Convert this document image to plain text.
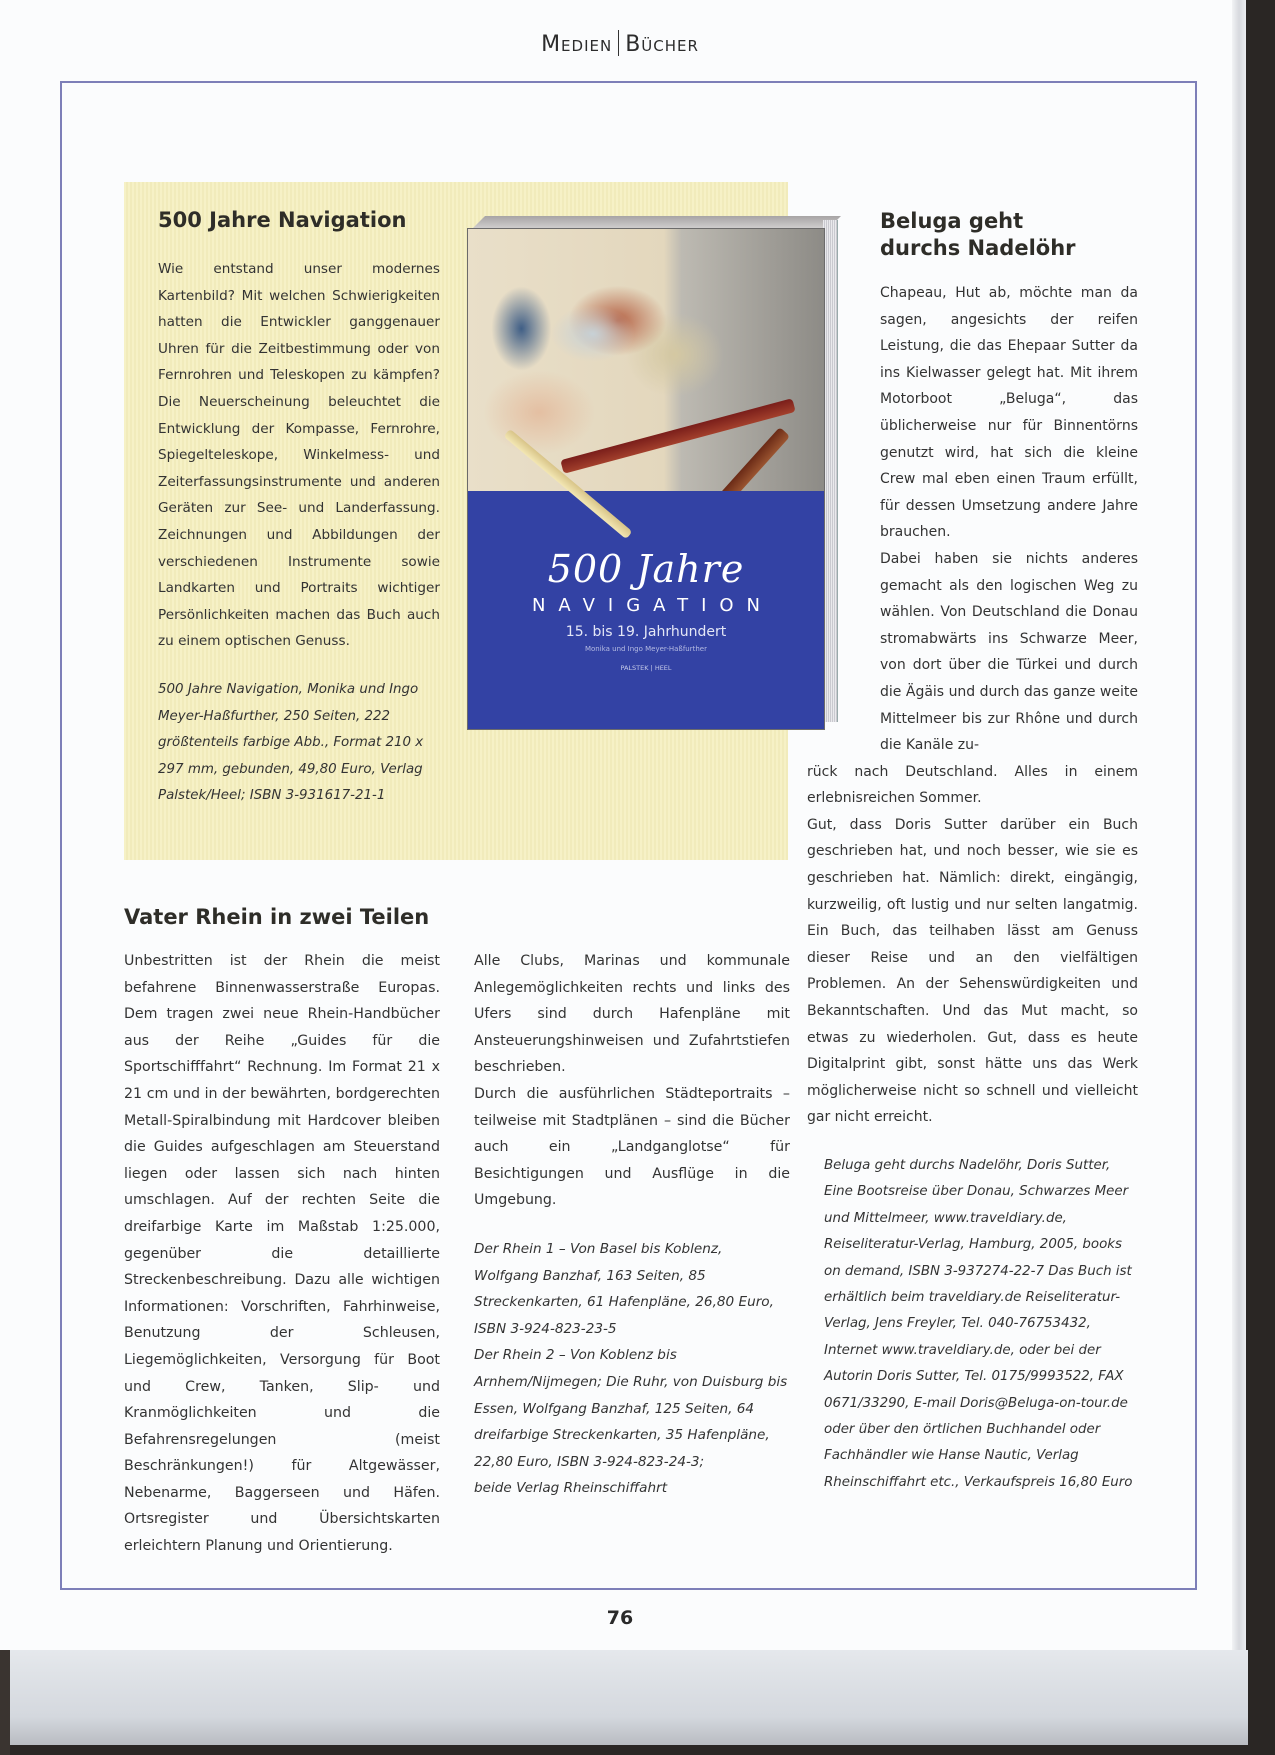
Medien Bücher
500 Jahre Navigation

Wie entstand unser modernes Kartenbild? Mit welchen Schwierigkeiten hatten die Entwickler ganggenauer Uhren für die Zeitbestimmung oder von Fernrohren und Teleskopen zu kämpfen? Die Neuerscheinung beleuchtet die Entwicklung der Kompasse, Fernrohre, Spiegelteleskope, Winkelmess- und Zeiterfassungsinstrumente und anderen Geräten zur See- und Landerfassung. Zeichnungen und Abbildungen der verschiedenen Instrumente sowie Landkarten und Portraits wichtiger Persönlichkeiten machen das Buch auch zu einem optischen Genuss.

500 Jahre Navigation, Monika und Ingo Meyer-Haßfurther, 250 Seiten, 222 größtenteils farbige Abb., Format 210 x 297 mm, gebunden, 49,80 Euro, Verlag Palstek/Heel; ISBN 3-931617-21-1

500 Jahre
NAVIGATION
15. bis 19. Jahrhundert
Monika und Ingo Meyer-Haßfurther
PALSTEK | HEEL
Beluga geht
durchs Nadelöhr

Chapeau, Hut ab, möchte man da sagen, angesichts der reifen Leistung, die das Ehepaar Sutter da ins Kielwasser gelegt hat. Mit ihrem Motorboot „Beluga“, das üblicherweise nur für Binnentörns genutzt wird, hat sich die kleine Crew mal eben einen Traum erfüllt, für dessen Umsetzung andere Jahre brauchen.

Dabei haben sie nichts anderes gemacht als den logischen Weg zu wählen. Von Deutschland die Donau stromabwärts ins Schwarze Meer, von dort über die Türkei und durch die Ägäis und durch das ganze weite Mittelmeer bis zur Rhône und durch die Kanäle zu-

rück nach Deutschland. Alles in einem erlebnisreichen Sommer.

Gut, dass Doris Sutter darüber ein Buch geschrieben hat, und noch besser, wie sie es geschrieben hat. Nämlich: direkt, eingängig, kurzweilig, oft lustig und nur selten langatmig. Ein Buch, das teilhaben lässt am Genuss dieser Reise und an den vielfältigen Problemen. An der Sehenswürdigkeiten und Bekanntschaften. Und das Mut macht, so etwas zu wiederholen. Gut, dass es heute Digitalprint gibt, sonst hätte uns das Werk möglicherweise nicht so schnell und vielleicht gar nicht erreicht.

Beluga geht durchs Nadelöhr, Doris Sutter, Eine Bootsreise über Donau, Schwarzes Meer und Mittelmeer, www.traveldiary.de, Reiseliteratur-Verlag, Hamburg, 2005, books on demand, ISBN 3-937274-22-7 Das Buch ist erhältlich beim traveldiary.de Reiseliteratur-Verlag, Jens Freyler, Tel. 040-76753432, Internet www.traveldiary.de, oder bei der Autorin Doris Sutter, Tel. 0175/9993522, FAX 0671/33290, E-mail Doris@Beluga-on-tour.de oder über den örtlichen Buchhandel oder Fachhändler wie Hanse Nautic, Verlag Rheinschiffahrt etc., Verkaufspreis 16,80 Euro

Vater Rhein in zwei Teilen

Unbestritten ist der Rhein die meist befahrene Binnenwasserstraße Europas. Dem tragen zwei neue Rhein-Handbücher aus der Reihe „Guides für die Sportschifffahrt“ Rechnung. Im Format 21 x 21 cm und in der bewährten, bordgerechten Metall-Spiralbindung mit Hardcover bleiben die Guides aufgeschlagen am Steuerstand liegen oder lassen sich nach hinten umschlagen. Auf der rechten Seite die dreifarbige Karte im Maßstab 1:25.000, gegenüber die detaillierte Streckenbeschreibung. Dazu alle wichtigen Informationen: Vorschriften, Fahrhinweise, Benutzung der Schleusen, Liegemöglichkeiten, Versorgung für Boot und Crew, Tanken, Slip- und Kranmöglichkeiten und die Befahrensregelungen (meist Beschränkungen!) für Altgewässer, Nebenarme, Baggerseen und Häfen. Ortsregister und Übersichtskarten erleichtern Planung und Orientierung.

Alle Clubs, Marinas und kommunale Anlegemöglichkeiten rechts und links des Ufers sind durch Hafenpläne mit Ansteuerungshinweisen und Zufahrtstiefen beschrieben.

Durch die ausführlichen Städteportraits – teilweise mit Stadtplänen – sind die Bücher auch ein „Landganglotse“ für Besichtigungen und Ausflüge in die Umgebung.

Der Rhein 1 – Von Basel bis Koblenz, Wolfgang Banzhaf, 163 Seiten, 85 Streckenkarten, 61 Hafenpläne, 26,80 Euro, ISBN 3-924-823-23-5

Der Rhein 2 – Von Koblenz bis Arnhem/Nijmegen; Die Ruhr, von Duisburg bis Essen, Wolfgang Banzhaf, 125 Seiten, 64 dreifarbige Streckenkarten, 35 Hafenpläne, 22,80 Euro, ISBN 3-924-823-24-3;

beide Verlag Rheinschiffahrt

76
